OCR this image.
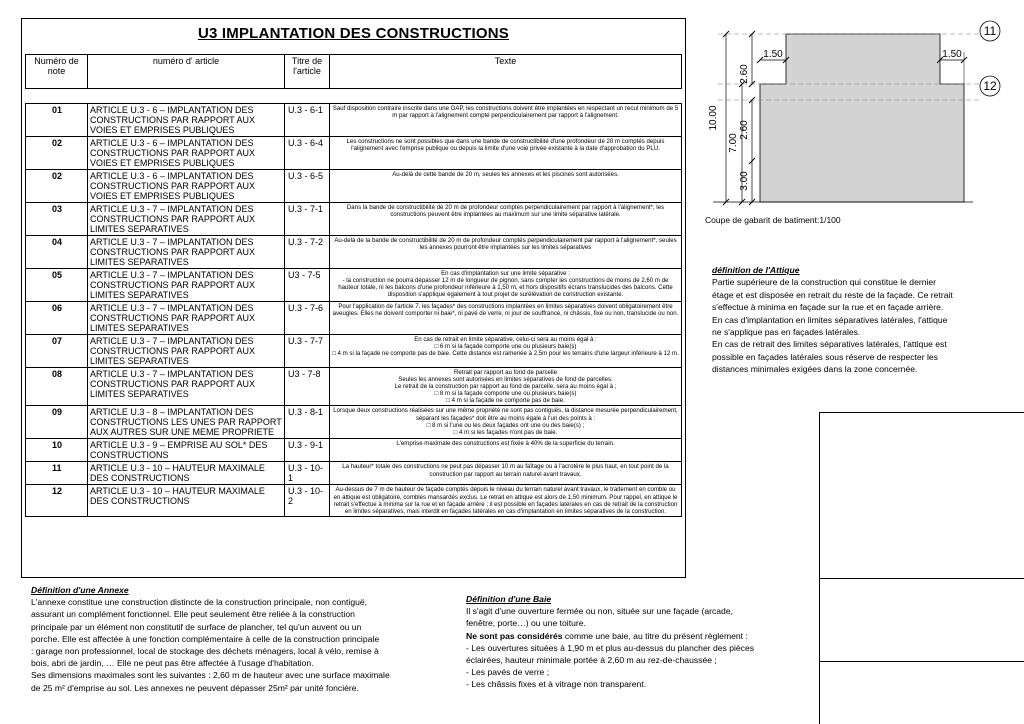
U3 IMPLANTATION DES CONSTRUCTIONS
Numéro de note	numéro d' article	Titre de l'article	Texte

01	ARTICLE U.3 - 6 – IMPLANTATION DES CONSTRUCTIONS PAR RAPPORT AUX VOIES ET EMPRISES PUBLIQUES	U.3 - 6-1	Sauf disposition contraire inscrite dans une OAP, les constructions doivent être implantées en respectant un recul minimum de 5 m par rapport à l'alignement compté perpendiculairement par rapport à l'alignement.

02	ARTICLE U.3 - 6 – IMPLANTATION DES CONSTRUCTIONS PAR RAPPORT AUX VOIES ET EMPRISES PUBLIQUES	U.3 - 6-4	Les constructions ne sont possibles que dans une bande de constructibilité d'une profondeur de 20 m comptés depuis l'alignement avec l'emprise publique ou depuis la limite d'une voie privée existante à la date d'approbation du PLU.

02	ARTICLE U.3 - 6 – IMPLANTATION DES CONSTRUCTIONS PAR RAPPORT AUX VOIES ET EMPRISES PUBLIQUES	U.3 - 6-5	Au-delà de cette bande de 20 m, seules les annexes et les piscines sont autorisées.

03	ARTICLE U.3 - 7 – IMPLANTATION DES CONSTRUCTIONS PAR RAPPORT AUX LIMITES SEPARATIVES	U.3 - 7-1	Dans la bande de constructibilité de 20 m de profondeur comptés perpendiculairement par rapport à l'alignement*, les constructions peuvent être implantées au maximum sur une limite séparative latérale.

04	ARTICLE U.3 - 7 – IMPLANTATION DES CONSTRUCTIONS PAR RAPPORT AUX LIMITES SEPARATIVES	U.3 - 7-2	Au-delà de la bande de constructibilité de 20 m de profondeur comptés perpendiculairement par rapport à l'alignement*, seules les annexes pourront être implantées sur les limites séparatives

05	ARTICLE U.3 - 7 – IMPLANTATION DES CONSTRUCTIONS PAR RAPPORT AUX LIMITES SEPARATIVES	U3 - 7-5	En cas d'implantation sur une limite séparative :
- la construction ne pourra dépasser 12 m de longueur de pignon, sans compter les constructions de moins de 2,60 m de hauteur totale, ni les balcons d'une profondeur inférieure à 1,50 m, et hors dispositifs écrans translucides des balcons. Cette disposition s'applique également à tout projet de surélévation de construction existante.

06	ARTICLE U.3 - 7 – IMPLANTATION DES CONSTRUCTIONS PAR RAPPORT AUX LIMITES SEPARATIVES	U.3 - 7-6	Pour l'application de l'article 7, les façades* des constructions implantées en limites séparatives doivent obligatoirement être aveugles. Elles ne doivent comporter ni baie*, ni pavé de verre, ni jour de souffrance, ni châssis, fixe ou non, translucide ou non.

07	ARTICLE U.3 - 7 – IMPLANTATION DES CONSTRUCTIONS PAR RAPPORT AUX LIMITES SEPARATIVES	U.3 - 7-7	En cas de retrait en limite séparative, celui-ci sera au moins égal à :
□ 6 m si la façade comporte une ou plusieurs baie(s)
□ 4 m si la façade ne comporte pas de baie. Cette distance est ramenée à 2,5m pour les terrains d'une largeur inférieure à 12 m.

08	ARTICLE U.3 - 7 – IMPLANTATION DES CONSTRUCTIONS PAR RAPPORT AUX LIMITES SEPARATIVES	U3 - 7-8	Retrait par rapport au fond de parcelle
Seules les annexes sont autorisées en limites séparatives de fond de parcelles.
Le retrait de la construction par rapport au fond de parcelle, sera au moins égal à ;
□ 8 m si la façade comporte une ou plusieurs baie(s)
□ 4 m si la façade ne comporte pas de baie.

09	ARTICLE U.3 - 8 – IMPLANTATION DES CONSTRUCTIONS LES UNES PAR RAPPORT AUX AUTRES SUR UNE MEME PROPRIETE	U.3 - 8-1	Lorsque deux constructions réalisées sur une même propriété ne sont pas contiguës, la distance mesurée perpendiculairement, séparant les façades* doit être au moins égale à l'un des points à :
□ 8 m si l'une ou les deux façades ont une ou des baie(s) ;
□ 4 m si les façades n'ont pas de baie.

10	ARTICLE U.3 - 9 – EMPRISE AU SOL* DES CONSTRUCTIONS	U.3 - 9-1	L'emprise maximale des constructions est fixée à 40% de la superficie du terrain.

11	ARTICLE U.3 - 10 – HAUTEUR MAXIMALE DES CONSTRUCTIONS	U.3 - 10-1	La hauteur* totale des constructions ne peut pas dépasser 10 m au faîtage ou à l'acrotère le plus haut, en tout point de la construction par rapport au terrain naturel avant travaux.

12	ARTICLE U.3 - 10 – HAUTEUR MAXIMALE DES CONSTRUCTIONS	U.3 - 10-2	Au-dessus de 7 m de hauteur de façade comptés depuis le niveau du terrain naturel avant travaux, le traitement en comble ou en attique est obligatoire, combles mansardés exclus. Le retrait en attique est alors de 1,50 minimum. Pour rappel, en attique le retrait s'effectue à minima sur la rue et en façade arrière ; il est possible en façades latérales en cas de retrait de la construction en limites séparatives, mais interdit en façades latérales en cas d'implantation en limites séparatives de la construction.
1.50	1.50
10.00
7.00
2.60
2.60
3.00
11
12
Coupe de gabarit de batiment:1/100

définition de l'Attique

Partie supérieure de la construction qui constitue le dernier

étage et est disposée en retrait du reste de la façade. Ce retrait

s'effectue à minima en façade sur la rue et en façade arrière.

En cas d'implantation en limites séparatives latérales, l'attique

ne s'applique pas en façades latérales.

En cas de retrait des limites séparatives latérales, l'attique est

possible en façades latérales sous réserve de respecter les

distances minimales exigées dans la zone concernée.

Définition d'une Annexe

L'annexe constitue une construction distincte de la construction principale, non contiguë,

assurant un complément fonctionnel. Elle peut seulement être reliée à la construction

principale par un élément non constitutif de surface de plancher, tel qu'un auvent ou un

porche. Elle est affectée à une fonction complémentaire à celle de la construction principale

: garage non professionnel, local de stockage des déchets ménagers, local à vélo, remise à

bois, abri de jardin, … Elle ne peut pas être affectée à l'usage d'habitation.

Ses dimensions maximales sont les suivantes : 2,60 m de hauteur avec une surface maximale

de 25 m² d'emprise au sol. Les annexes ne peuvent dépasser 25m² par unité foncière.

Définition d'une Baie

Il s'agit d'une ouverture fermée ou non, située sur une façade (arcade,

fenêtre, porte…) ou une toiture.

Ne sont pas considérés comme une baie, au titre du présent règlement :

- Les ouvertures situées à 1,90 m et plus au-dessus du plancher des pièces

éclairées, hauteur minimale portée à 2,60 m au rez-de-chaussée ;

- Les pavés de verre ;

- Les châssis fixes et à vitrage non transparent.
